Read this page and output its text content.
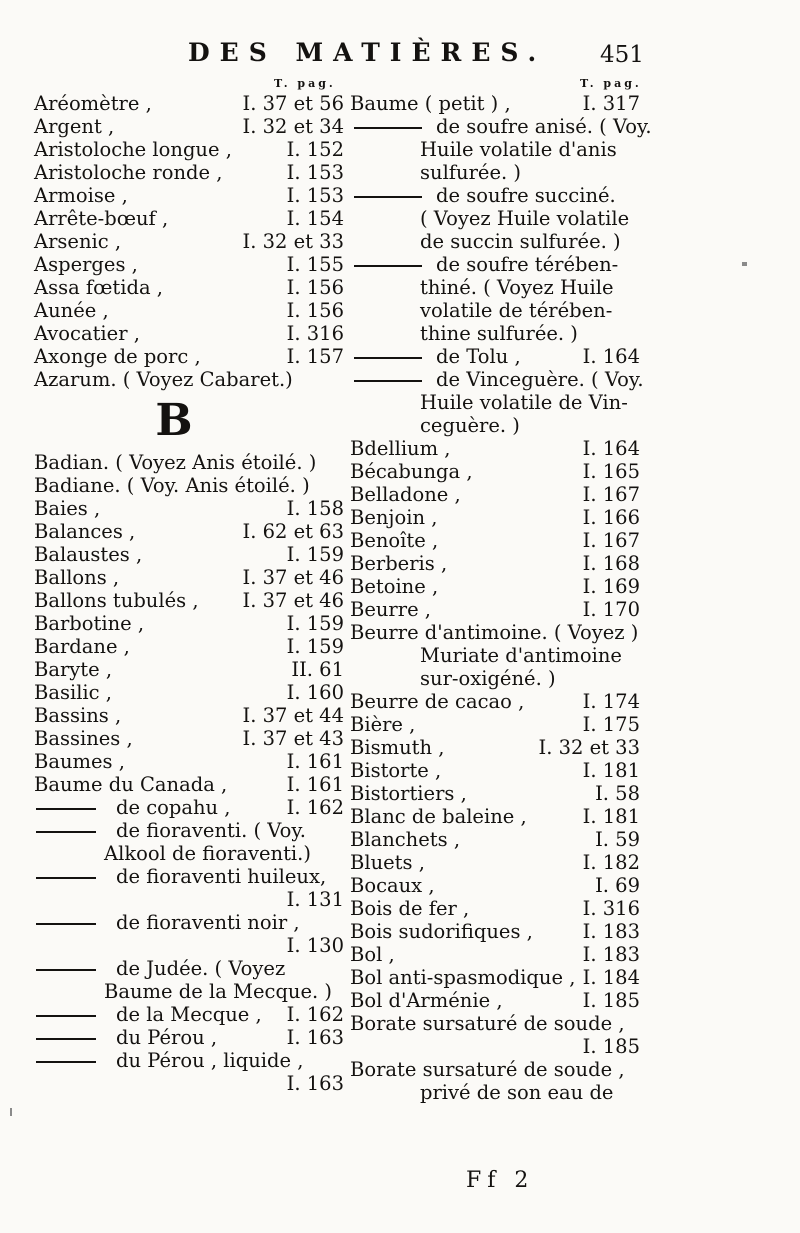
DES MATIÈRES. 451
T. pag.	T. pag.
Aréomètre ,	I. 37 et 56
Argent ,	I. 32 et 34
Aristoloche longue ,	I. 152
Aristoloche ronde ,	I. 153
Armoise ,	I. 153
Arrête-bœuf ,	I. 154
Arsenic ,	I. 32 et 33
Asperges ,	I. 155
Assa fœtida ,	I. 156
Aunée ,	I. 156
Avocatier ,	I. 316
Axonge de porc ,	I. 157
Azarum. ( Voyez Cabaret.)
B
Badian. ( Voyez Anis étoilé. )
Badiane. ( Voy. Anis étoilé. )
Baies ,	I. 158
Balances ,	I. 62 et 63
Balaustes ,	I. 159
Ballons ,	I. 37 et 46
Ballons tubulés , I. 37 et 46
Barbotine ,	I. 159
Bardane ,	I. 159
Baryte ,	II. 61
Basilic ,	I. 160
Bassins ,	I. 37 et 44
Bassines ,	I. 37 et 43
Baumes ,	I. 161
Baume du Canada ,	I. 161
de copahu ,	I. 162
de fioraventi. ( Voy.
Alkool de fioraventi.)
de fioraventi huileux,
I. 131
de fioraventi noir ,
I. 130
de Judée. ( Voyez
Baume de la Mecque. )
de la Mecque , I. 162
du Pérou ,	I. 163
du Pérou , liquide ,
I. 163
Baume ( petit ) ,	I. 317
de soufre anisé. ( Voy.
Huile volatile d'anis
sulfurée. )
de soufre succiné.
( Voyez Huile volatile
de succin sulfurée. )
de soufre térében-
thiné. ( Voyez Huile
volatile de térében-
thine sulfurée. )
de Tolu ,	I. 164
de Vinceguère. ( Voy.
Huile volatile de Vin-
ceguère. )
Bdellium ,	I. 164
Bécabunga ,	I. 165
Belladone ,	I. 167
Benjoin ,	I. 166
Benoîte ,	I. 167
Berberis ,	I. 168
Betoine ,	I. 169
Beurre ,	I. 170
Beurre d'antimoine. ( Voyez )
Muriate d'antimoine
sur-oxigéné. )
Beurre de cacao ,	I. 174
Bière ,	I. 175
Bismuth ,	I. 32 et 33
Bistorte ,	I. 181
Bistortiers ,	I. 58
Blanc de baleine ,	I. 181
Blanchets ,	I. 59
Bluets ,	I. 182
Bocaux ,	I. 69
Bois de fer ,	I. 316
Bois sudorifiques ,	I. 183
Bol ,	I. 183
Bol anti-spasmodique , I. 184
Bol d'Arménie ,	I. 185
Borate sursaturé de soude ,
I. 185
Borate sursaturé de soude ,
privé de son eau de
Ff 2
